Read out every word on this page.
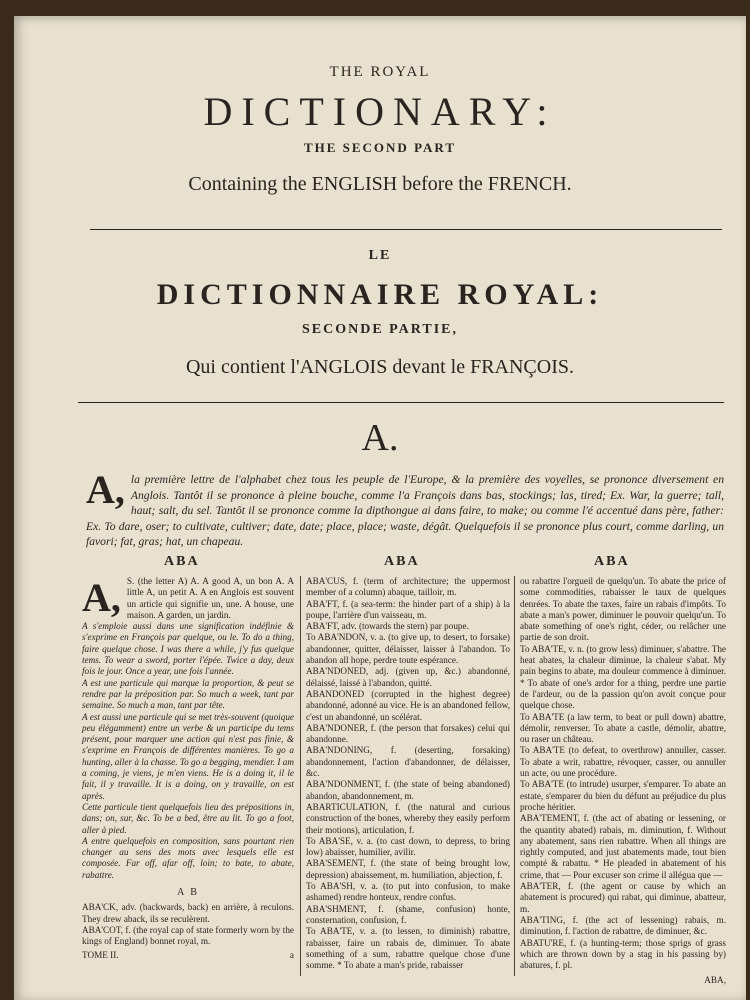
THE ROYAL
DICTIONARY:
THE SECOND PART
Containing the ENGLISH before the FRENCH.
LE
DICTIONNAIRE ROYAL:
SECONDE PARTIE,
Qui contient l'ANGLOIS devant le FRANÇOIS.
A.
A, la première lettre de l'alphabet chez tous les peuple de l'Europe, & la première des voyelles, se prononce diversement en Anglois. Tantôt il se prononce à pleine bouche, comme l'a François dans bas, stockings; las, tired; Ex. War, la guerre; tall, haut; salt, du sel. Tantôt il se prononce comme la dipthongue ai dans faire, to make; ou comme l'é accentué dans père, father: Ex. To dare, oser; to cultivate, cultiver; date, date; place, place; waste, dégât. Quelquefois il se prononce plus court, comme darling, un favori; fat, gras; hat, un chapeau.
ABA	ABA	ABA
A, S. (the letter A) A. A good A, un bon A. A little A, un petit A. A en Anglois est souvent un article qui signifie un, une. A house, une maison. A garden, un jardin.

A s'emploie aussi dans une signification indéfinie & s'exprime en François par quelque, ou le. To do a thing, faire quelque chose. I was there a while, j'y fus quelque tems. To wear a sword, porter l'épée. Twice a day, deux fois le jour. Once a year, une fois l'année.

A est une particule qui marque la proportion, & peut se rendre par la préposition par. So much a week, tant par semaine. So much a man, tant par tête.

A est aussi une particule qui se met très-souvent (quoique peu élégamment) entre un verbe & un participe du tems présent, pour marquer une action qui n'est pas finie, & s'exprime en François de différentes manières. To go a hunting, aller à la chasse. To go a begging, mendier. I am a coming, je viens, je m'en viens. He is a doing it, il le fait, il y travaille. It is a doing, on y travaille, on est après.

Cette particule tient quelquefois lieu des prépositions in, dans; on, sur, &c. To be a bed, être au lit. To go a foot, aller à pied.

A entre quelquefois en composition, sans pourtant rien changer au sens des mots avec lesquels elle est composée. Far off, afar off, loin; to bate, to abate, rabattre.

A B

ABA'CK, adv. (backwards, back) en arrière, à reculons. They drew aback, ils se reculèrent.

ABA'COT, f. (the royal cap of state formerly worn by the kings of England) bonnet royal, m.

TOME II.	a

ABA'CUS, f. (term of architecture; the uppermost member of a column) abaque, tailloir, m.

ABA'FT, f. (a sea-term: the hinder part of a ship) à la poupe, l'arrière d'un vaisseau, m.

ABA'FT, adv. (towards the stern) par poupe.

To ABA'NDON, v. a. (to give up, to desert, to forsake) abandonner, quitter, délaisser, laisser à l'abandon. To abandon all hope, perdre toute espérance.

ABA'NDONED, adj. (given up, &c.) abandonné, délaissé, laissé à l'abandon, quitté.

ABANDONED (corrupted in the highest degree) abandonné, adonné au vice. He is an abandoned fellow, c'est un abandonné, un scélérat.

ABA'NDONER, f. (the person that forsakes) celui qui abandonne.

ABA'NDONING, f. (deserting, forsaking) abandonnement, l'action d'abandonner, de délaisser, &c.

ABA'NDONMENT, f. (the state of being abandoned) abandon, abandonnement, m.

ABARTICULATION, f. (the natural and curious construction of the bones, whereby they easily perform their motions), articulation, f.

To ABA'SE, v. a. (to cast down, to depress, to bring low) abaisser, humilier, avilir.

ABA'SEMENT, f. (the state of being brought low, depression) abaissement, m. humiliation, abjection, f.

To ABA'SH, v. a. (to put into confusion, to make ashamed) rendre honteux, rendre confus.

ABA'SHMENT, f. (shame, confusion) honte, consternation, confusion, f.

To ABA'TE, v. a. (to lessen, to diminish) rabattre, rabaisser, faire un rabais de, diminuer. To abate something of a sum, rabattre quelque chose d'une somme. * To abate a man's pride, rabaisser

ou rabattre l'orgueil de quelqu'un. To abate the price of some commodities, rabaisser le taux de quelques denrées. To abate the taxes, faire un rabais d'impôts. To abate a man's power, diminuer le pouvoir quelqu'un. To abate something of one's right, céder, ou relâcher une partie de son droit.

To ABA'TE, v. n. (to grow less) diminuer, s'abattre. The heat abates, la chaleur diminue, la chaleur s'abat. My pain begins to abate, ma douleur commence à diminuer. * To abate of one's ardor for a thing, perdre une partie de l'ardeur, ou de la passion qu'on avoit conçue pour quelque chose.

To ABA'TE (a law term, to beat or pull down) abattre, démolir, renverser. To abate a castle, démolir, abattre, ou raser un château.

To ABA'TE (to defeat, to overthrow) annuller, casser. To abate a writ, rabattre, révoquer, casser, ou annuller un acte, ou une procédure.

To ABA'TE (to intrude) usurper, s'emparer. To abate an estate, s'emparer du bien du défunt au préjudice du plus proche héritier.

ABA'TEMENT, f. (the act of abating or lessening, or the quantity abated) rabais, m. diminution, f. Without any abatement, sans rien rabattre. When all things are rightly computed, and just abatements made, tout bien compté & rabattu. * He pleaded in abatement of his crime, that — Pour excuser son crime il allégua que —

ABA'TER, f. (the agent or cause by which an abatement is procured) qui rabat, qui diminue, abatteur, m.

ABA'TING, f. (the act of lessening) rabais, m. diminution, f. l'action de rabattre, de diminuer, &c.

ABATU'RE, f. (a hunting-term; those sprigs of grass which are thrown down by a stag in his passing by) abatures, f. pl.

ABA,
